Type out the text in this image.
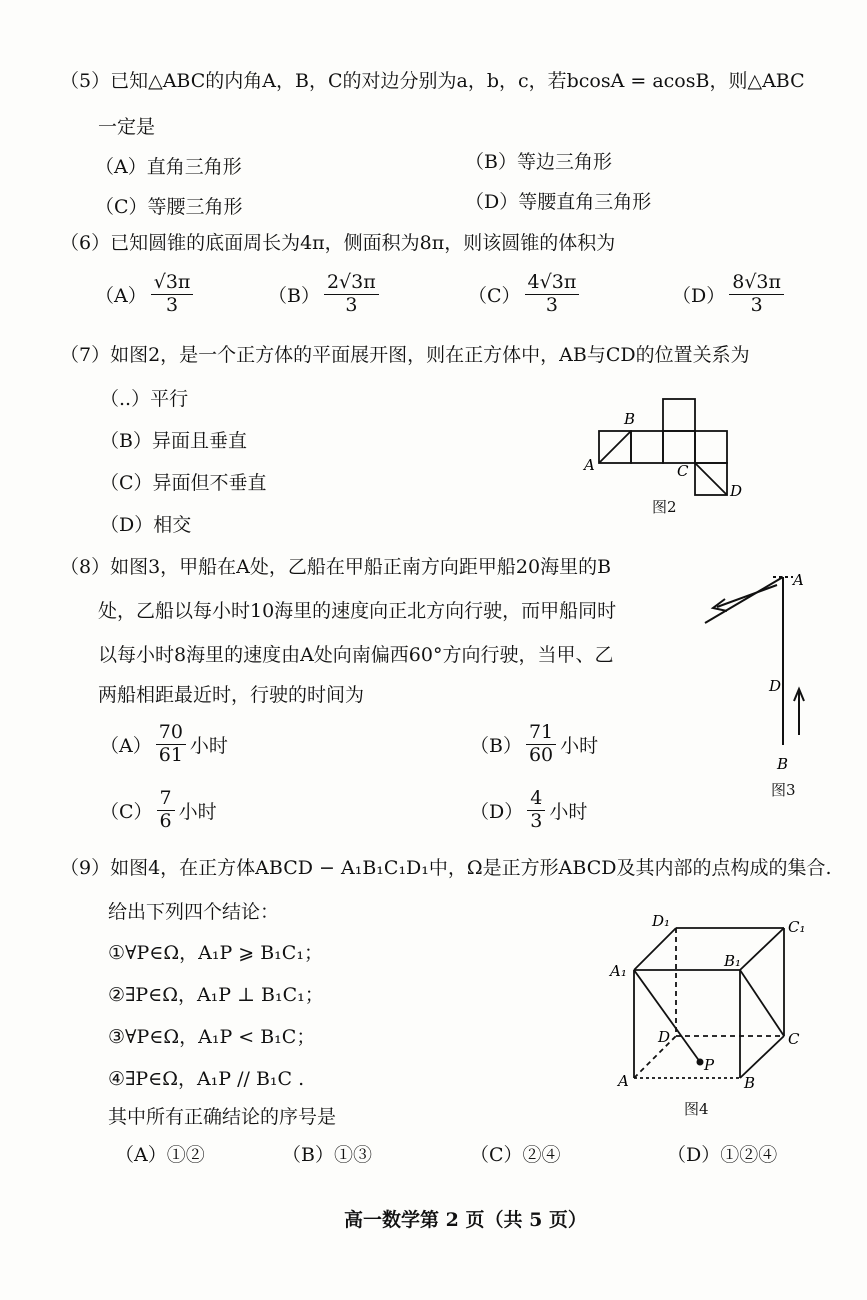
（5）已知△ABC的内角A，B，C的对边分别为a，b，c，若bcosA = acosB，则△ABC
一定是
（A）直角三角形	（B）等边三角形
（C）等腰三角形	（D）等腰直角三角形
（6）已知圆锥的底面周长为4π，侧面积为8π，则该圆锥的体积为
$(A) \frac{√3\pi}{3}$	$(B) \frac{2√3\pi}{3}$	$(C) \frac{4√3\pi}{3}$	$(D) \frac{8√3\pi}{3}$
（7）如图2，是一个正方体的平面展开图，则在正方体中，AB与CD的位置关系为
（..）平行
（B）异面且垂直
（C）异面但不垂直
（D）相交
B
A	C
D
图2
（8）如图3，甲船在A处，乙船在甲船正南方向距甲船20海里的B
处，乙船以每小时10海里的速度向正北方向行驶，而甲船同时
以每小时8海里的速度由A处向南偏西60°方向行驶，当甲、乙
两船相距最近时，行驶的时间为
$(A) \frac{70}{61}$ 小时	$(B) \frac{71}{60}$ 小时
$(C) \frac{7}{6}$ 小时	$(D) \frac{4}{3}$ 小时
A
D
B
图3
（9）如图4，在正方体ABCD − A₁B₁C₁D₁中，Ω是正方形ABCD及其内部的点构成的集合.
给出下列四个结论：
①∀P∈Ω，A₁P ⩾ B₁C₁；
②∃P∈Ω，A₁P ⊥ B₁C₁；
③∀P∈Ω，A₁P < B₁C；
④∃P∈Ω，A₁P // B₁C .
其中所有正确结论的序号是
（A）①②	（B）①③	（C）②④	（D）①②④
D₁	C₁
A₁
B₁
D	C
A	B
P
图4
高一数学第 2 页（共 5 页）
